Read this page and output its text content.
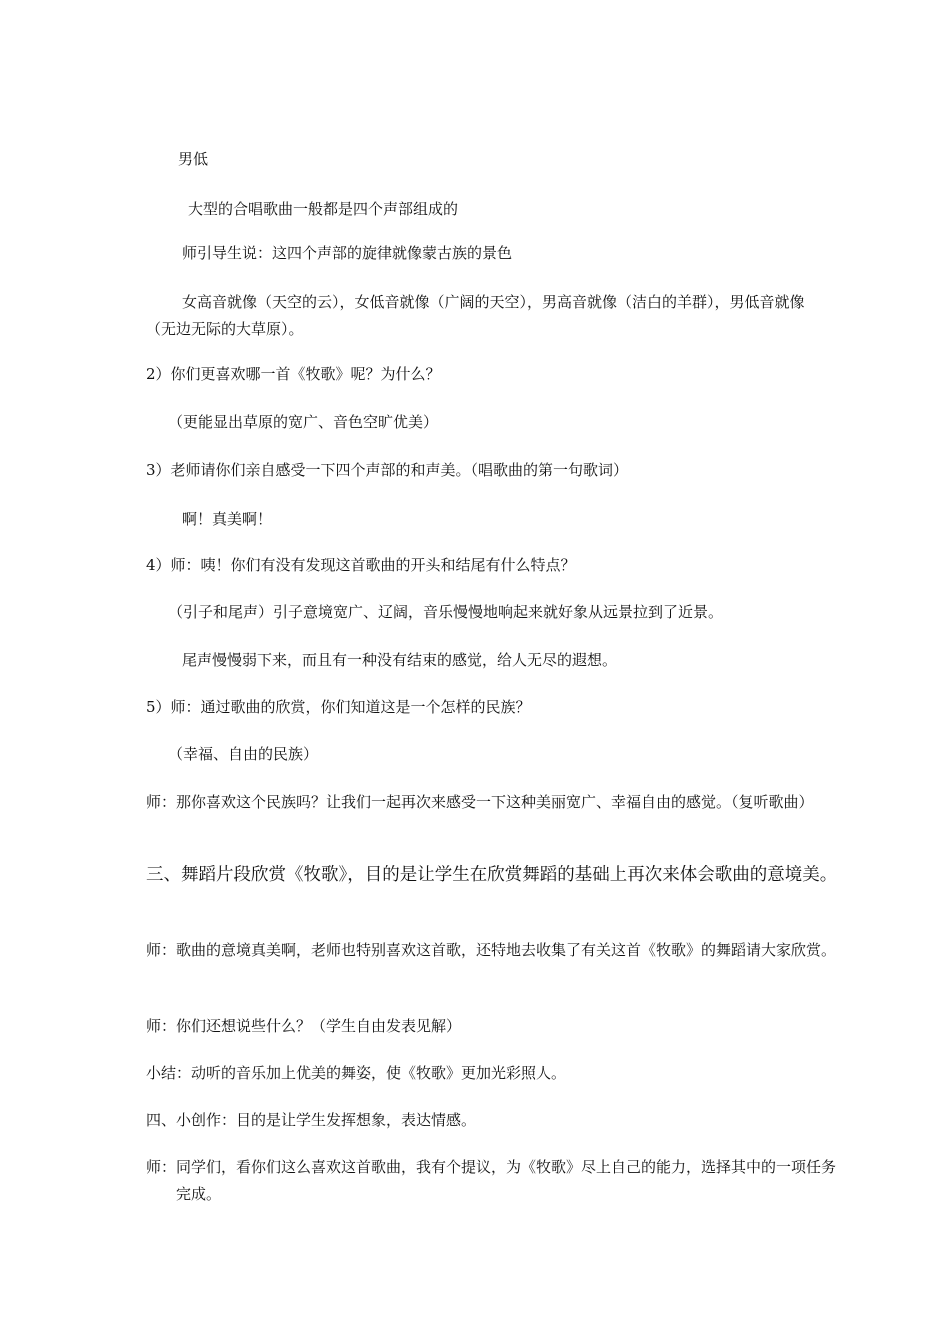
男低
大型的合唱歌曲一般都是四个声部组成的
师引导生说：这四个声部的旋律就像蒙古族的景色
女高音就像（天空的云），女低音就像（广阔的天空），男高音就像（洁白的羊群），男低音就像（无边无际的大草原）。
2）你们更喜欢哪一首《牧歌》呢？为什么？
（更能显出草原的宽广、音色空旷优美）
3）老师请你们亲自感受一下四个声部的和声美。（唱歌曲的第一句歌词）
啊！真美啊！
4）师：咦！你们有没有发现这首歌曲的开头和结尾有什么特点？
（引子和尾声）引子意境宽广、辽阔，音乐慢慢地响起来就好象从远景拉到了近景。
尾声慢慢弱下来，而且有一种没有结束的感觉，给人无尽的遐想。
5）师：通过歌曲的欣赏，你们知道这是一个怎样的民族？
（幸福、自由的民族）
师：那你喜欢这个民族吗？让我们一起再次来感受一下这种美丽宽广、幸福自由的感觉。（复听歌曲）
三、舞蹈片段欣赏《牧歌》，目的是让学生在欣赏舞蹈的基础上再次来体会歌曲的意境美。
师：歌曲的意境真美啊，老师也特别喜欢这首歌，还特地去收集了有关这首《牧歌》的舞蹈请大家欣赏。
师：你们还想说些什么？（学生自由发表见解）
小结：动听的音乐加上优美的舞姿，使《牧歌》更加光彩照人。
四、小创作：目的是让学生发挥想象，表达情感。
师：同学们，看你们这么喜欢这首歌曲，我有个提议，为《牧歌》尽上自己的能力，选择其中的一项任务完成。
